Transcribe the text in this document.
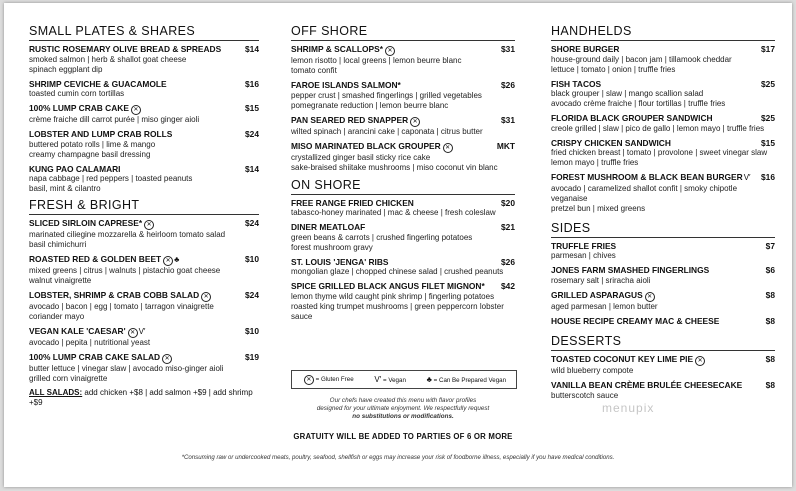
SMALL PLATES & SHARES
RUSTIC ROSEMARY OLIVE BREAD & SPREADS	$14
smoked salmon | herb & shallot goat cheese
spinach eggplant dip
SHRIMP CEVICHE & GUACAMOLE	$16
toasted cumin corn tortillas
100% LUMP CRAB CAKE ✕	$15
crème fraiche dill carrot purée | miso ginger aioli
LOBSTER AND LUMP CRAB ROLLS	$24
buttered potato rolls | lime & mango
creamy champagne basil dressing
KUNG PAO CALAMARI	$14
napa cabbage | red peppers | toasted peanuts
basil, mint & cilantro
FRESH & BRIGHT
SLICED SIRLOIN CAPRESE* ✕	$24
marinated ciliegine mozzarella & heirloom tomato salad
basil chimichurri
ROASTED RED & GOLDEN BEET ✕ ♣	$10
mixed greens | citrus | walnuts | pistachio goat cheese
walnut vinaigrette
LOBSTER, SHRIMP & CRAB COBB SALAD ✕	$24
avocado | bacon | egg | tomato | tarragon vinaigrette
coriander mayo
VEGAN KALE 'CAESAR' ✕ V′	$10
avocado | pepita | nutritional yeast
100% LUMP CRAB CAKE SALAD ✕	$19
butter lettuce | vinegar slaw | avocado miso-ginger aioli
grilled corn vinaigrette
ALL SALADS: add chicken +$8 | add salmon +$9 | add shrimp +$9
OFF SHORE
SHRIMP & SCALLOPS* ✕	$31
lemon risotto | local greens | lemon beurre blanc
tomato confit
FAROE ISLANDS SALMON*	$26
pepper crust | smashed fingerlings | grilled vegetables
pomegranate reduction | lemon beurre blanc
PAN SEARED RED SNAPPER ✕	$31
wilted spinach | arancini cake | caponata | citrus butter
MISO MARINATED BLACK GROUPER ✕	MKT
crystallized ginger basil sticky rice cake
sake-braised shiitake mushrooms | miso coconut vin blanc
ON SHORE
FREE RANGE FRIED CHICKEN	$20
tabasco-honey marinated | mac & cheese | fresh coleslaw
DINER MEATLOAF	$21
green beans & carrots | crushed fingerling potatoes
forest mushroom gravy
ST. LOUIS 'JENGA' RIBS	$26
mongolian glaze | chopped chinese salad | crushed peanuts
SPICE GRILLED BLACK ANGUS FILET MIGNON* $42
lemon thyme wild caught pink shrimp | fingerling potatoes
roasted king trumpet mushrooms | green peppercorn lobster sauce
✕ = Gluten Free	V′ = Vegan	♣ = Can Be Prepared Vegan
Our chefs have created this menu with flavor profiles
designed for your ultimate enjoyment. We respectfully request
no substitutions or modifications.
GRATUITY WILL BE ADDED TO PARTIES OF 6 OR MORE
HANDHELDS
SHORE BURGER	$17
house-ground daily | bacon jam | tillamook cheddar
lettuce | tomato | onion | truffle fries
FISH TACOS	$25
black grouper | slaw | mango scallion salad
avocado crème fraiche | flour tortillas | truffle fries
FLORIDA BLACK GROUPER SANDWICH	$25
creole grilled | slaw | pico de gallo | lemon mayo | truffle fries
CRISPY CHICKEN SANDWICH	$15
fried chicken breast | tomato | provolone | sweet vinegar slaw
lemon mayo | truffle fries
FOREST MUSHROOM & BLACK BEAN BURGERV′ $16
avocado | caramelized shallot confit | smoky chipotle veganaise
pretzel bun | mixed greens
SIDES
TRUFFLE FRIES	$7
parmesan | chives
JONES FARM SMASHED FINGERLINGS	$6
rosemary salt | sriracha aioli
GRILLED ASPARAGUS ✕	$8
aged parmesan | lemon butter
HOUSE RECIPE CREAMY MAC & CHEESE	$8
DESSERTS
TOASTED COCONUT KEY LIME PIE ✕	$8
wild blueberry compote
VANILLA BEAN CRÈME BRULÉE CHEESECAKE	$8
butterscotch sauce
menupix
*Consuming raw or undercooked meats, poultry, seafood, shellfish or eggs may increase your risk of foodborne illness, especially if you have medical conditions.
